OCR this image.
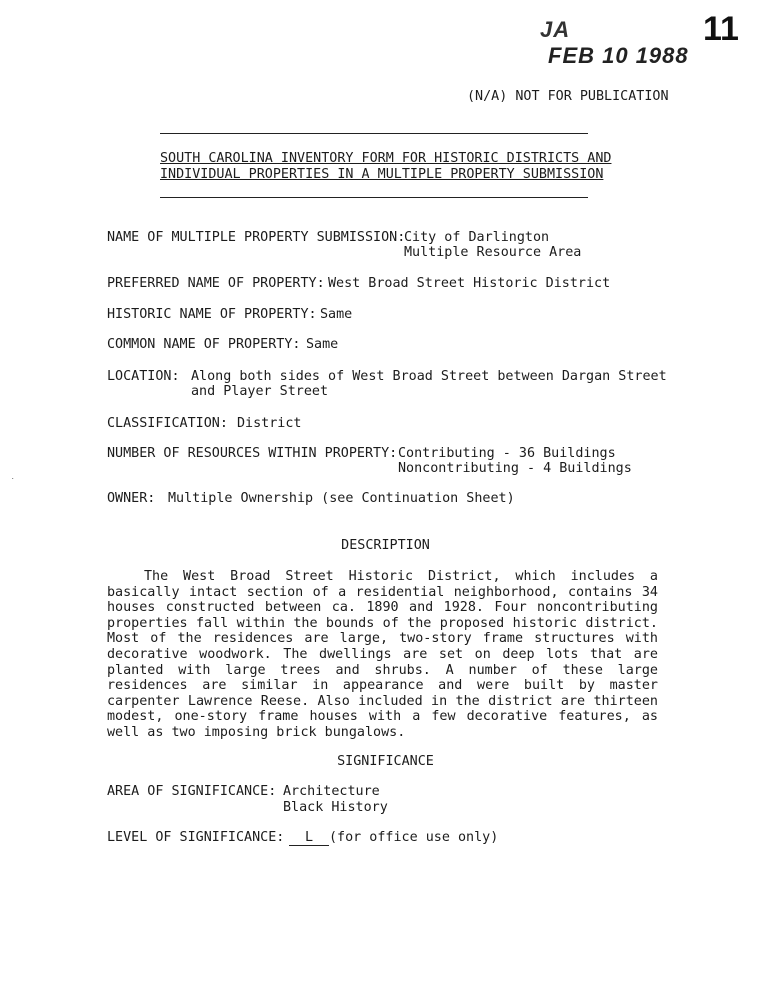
JA
FEB 10 1988
11
(N/A) NOT FOR PUBLICATION
SOUTH CAROLINA INVENTORY FORM FOR HISTORIC DISTRICTS AND
INDIVIDUAL PROPERTIES IN A MULTIPLE PROPERTY SUBMISSION
NAME OF MULTIPLE PROPERTY SUBMISSION:
City of Darlington
Multiple Resource Area
PREFERRED NAME OF PROPERTY: West Broad Street Historic District
HISTORIC NAME OF PROPERTY: Same
COMMON NAME OF PROPERTY: Same
LOCATION: Along both sides of West Broad Street between Dargan Street
and Player Street
CLASSIFICATION: District
NUMBER OF RESOURCES WITHIN PROPERTY: Contributing - 36 Buildings
Noncontributing - 4 Buildings
OWNER: Multiple Ownership (see Continuation Sheet)
DESCRIPTION
The West Broad Street Historic District, which includes a basically intact section of a residential neighborhood, contains 34 houses constructed between ca. 1890 and 1928. Four noncontributing properties fall within the bounds of the proposed historic district. Most of the residences are large, two-story frame structures with decorative woodwork. The dwellings are set on deep lots that are planted with large trees and shrubs. A number of these large residences are similar in appearance and were built by master carpenter Lawrence Reese. Also included in the district are thirteen modest, one-story frame houses with a few decorative features, as well as two imposing brick bungalows.
SIGNIFICANCE
AREA OF SIGNIFICANCE: Architecture
Black History
LEVEL OF SIGNIFICANCE:	L (for office use only)
˙
